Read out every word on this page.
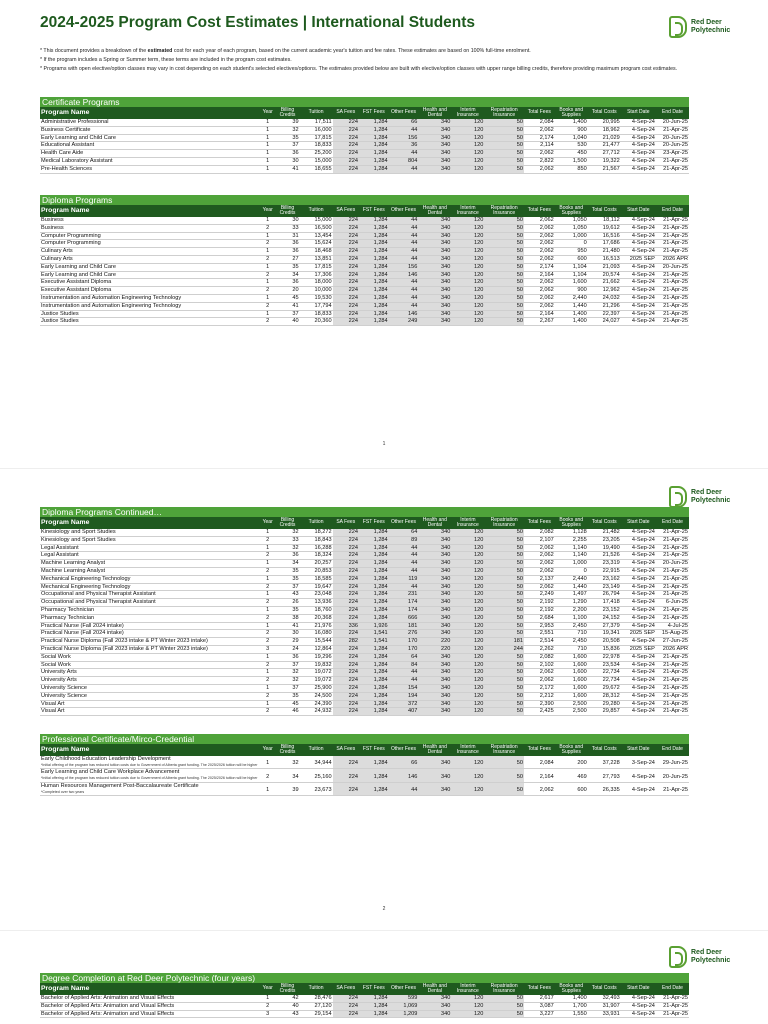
2024-2025 Program Cost Estimates | International Students	Red Deer
Polytechnic

* This document provides a breakdown of the estimated cost for each year of each program, based on the current academic year's tuition and fee rates. These estimates are based on 100% full-time enrolment.

* If the program includes a Spring or Summer term, these terms are included in the program cost estimates.

* Programs with open elective/option classes may vary in cost depending on each student's selected electives/options. The estimates provided below are built with elective/option classes with upper range billing credits, therefore providing maximum program cost estimates.

Certificate Programs
Program Name	Year	Billing Credits	Tuition	SA Fees	FST Fees	Other Fees	Health and Dental	Interim Insurance	Repatriation Insurance	Total Fees	Books and Supplies	Total Costs	Start Date	End Date
Administrative Professional	1	39	17,511	224	1,284	66	340	120	50	2,084	1,400	20,995	4-Sep-24	20-Jun-25
Business Certificate	1	32	16,000	224	1,284	44	340	120	50	2,062	900	18,962	4-Sep-24	21-Apr-25
Early Learning and Child Care	1	35	17,815	224	1,284	156	340	120	50	2,174	1,040	21,029	4-Sep-24	20-Jun-25
Educational Assistant	1	37	18,833	224	1,284	36	340	120	50	2,114	530	21,477	4-Sep-24	20-Jun-25
Health Care Aide	1	36	25,200	224	1,284	44	340	120	50	2,062	450	27,712	4-Sep-24	23-Apr-25
Medical Laboratory Assistant	1	30	15,000	224	1,284	804	340	120	50	2,822	1,500	19,322	4-Sep-24	21-Apr-25
Pre-Health Sciences	1	41	18,655	224	1,284	44	340	120	50	2,062	850	21,567	4-Sep-24	21-Apr-25
Diploma Programs
Program Name	Year	Billing Credits	Tuition	SA Fees	FST Fees	Other Fees	Health and Dental	Interim Insurance	Repatriation Insurance	Total Fees	Books and Supplies	Total Costs	Start Date	End Date
Business	1	30	15,000	224	1,284	44	340	120	50	2,062	1,050	18,112	4-Sep-24	21-Apr-25
Business	2	33	16,500	224	1,284	44	340	120	50	2,062	1,050	19,612	4-Sep-24	21-Apr-25
Computer Programming	1	31	13,454	224	1,284	44	340	120	50	2,062	1,000	16,516	4-Sep-24	21-Apr-25
Computer Programming	2	36	15,624	224	1,284	44	340	120	50	2,062	0	17,686	4-Sep-24	21-Apr-25
Culinary Arts	1	36	18,468	224	1,284	44	340	120	50	2,062	950	21,480	4-Sep-24	21-Apr-25
Culinary Arts	2	27	13,851	224	1,284	44	340	120	50	2,062	600	16,513	2025 SEP	2026 APR
Early Learning and Child Care	1	35	17,815	224	1,284	156	340	120	50	2,174	1,104	21,093	4-Sep-24	20-Jun-25
Early Learning and Child Care	2	34	17,306	224	1,284	146	340	120	50	2,164	1,104	20,574	4-Sep-24	21-Apr-25
Executive Assistant Diploma	1	36	18,000	224	1,284	44	340	120	50	2,062	1,600	21,662	4-Sep-24	21-Apr-25
Executive Assistant Diploma	2	20	10,000	224	1,284	44	340	120	50	2,062	900	12,962	4-Sep-24	21-Apr-25
Instrumentation and Automation Engineering Technology	1	45	19,530	224	1,284	44	340	120	50	2,062	2,440	24,032	4-Sep-24	21-Apr-25
Instrumentation and Automation Engineering Technology	2	41	17,794	224	1,284	44	340	120	50	2,062	1,440	21,296	4-Sep-24	21-Apr-25
Justice Studies	1	37	18,833	224	1,284	146	340	120	50	2,164	1,400	22,397	4-Sep-24	21-Apr-25
Justice Studies	2	40	20,360	224	1,284	249	340	120	50	2,267	1,400	24,027	4-Sep-24	21-Apr-25
1
Red Deer
Polytechnic
Diploma Programs Continued…
Program Name	Year	Billing Credits	Tuition	SA Fees	FST Fees	Other Fees	Health and Dental	Interim Insurance	Repatriation Insurance	Total Fees	Books and Supplies	Total Costs	Start Date	End Date
Kinesiology and Sport Studies	1	32	18,272	224	1,284	64	340	120	50	2,082	1,128	21,482	4-Sep-24	21-Apr-25
Kinesiology and Sport Studies	2	33	18,843	224	1,284	89	340	120	50	2,107	2,255	23,205	4-Sep-24	21-Apr-25
Legal Assistant	1	32	16,288	224	1,284	44	340	120	50	2,062	1,140	19,490	4-Sep-24	21-Apr-25
Legal Assistant	2	36	18,324	224	1,284	44	340	120	50	2,062	1,140	21,526	4-Sep-24	21-Apr-25
Machine Learning Analyst	1	34	20,257	224	1,284	44	340	120	50	2,062	1,000	23,319	4-Sep-24	20-Jun-25
Machine Learning Analyst	2	35	20,853	224	1,284	44	340	120	50	2,062	0	22,915	4-Sep-24	21-Apr-25
Mechanical Engineering Technology	1	35	18,585	224	1,284	119	340	120	50	2,137	2,440	23,162	4-Sep-24	21-Apr-25
Mechanical Engineering Technology	2	37	19,647	224	1,284	44	340	120	50	2,062	1,440	23,149	4-Sep-24	21-Apr-25
Occupational and Physical Therapist Assistant	1	43	23,048	224	1,284	231	340	120	50	2,249	1,497	26,794	4-Sep-24	21-Apr-25
Occupational and Physical Therapist Assistant	2	26	13,936	224	1,284	174	340	120	50	2,192	1,290	17,418	4-Sep-24	6-Jun-25
Pharmacy Technician	1	35	18,760	224	1,284	174	340	120	50	2,192	2,200	23,152	4-Sep-24	21-Apr-25
Pharmacy Technician	2	38	20,368	224	1,284	666	340	120	50	2,684	1,100	24,152	4-Sep-24	21-Apr-25
Practical Nurse (Fall 2024 intake)	1	41	21,976	336	1,926	181	340	120	50	2,953	2,450	27,379	4-Sep-24	4-Jul-25
Practical Nurse (Fall 2024 intake)	2	30	16,080	224	1,541	276	340	120	50	2,551	710	19,341	2025 SEP	15-Aug-25
Practical Nurse Diploma (Fall 2023 intake & PT Winter 2023 intake)	2	29	15,544	282	1,541	170	220	120	181	2,514	2,450	20,508	4-Sep-24	27-Jun-25
Practical Nurse Diploma (Fall 2023 intake & PT Winter 2023 intake)	3	24	12,864	224	1,284	170	220	120	244	2,262	710	15,836	2025 SEP	2026 APR
Social Work	1	36	19,296	224	1,284	64	340	120	50	2,082	1,600	22,978	4-Sep-24	21-Apr-25
Social Work	2	37	19,832	224	1,284	84	340	120	50	2,102	1,600	23,534	4-Sep-24	21-Apr-25
University Arts	1	32	19,072	224	1,284	44	340	120	50	2,062	1,600	22,734	4-Sep-24	21-Apr-25
University Arts	2	32	19,072	224	1,284	44	340	120	50	2,062	1,600	22,734	4-Sep-24	21-Apr-25
University Science	1	37	25,900	224	1,284	154	340	120	50	2,172	1,600	29,672	4-Sep-24	21-Apr-25
University Science	2	35	24,500	224	1,284	194	340	120	50	2,212	1,600	28,312	4-Sep-24	21-Apr-25
Visual Art	1	45	24,390	224	1,284	372	340	120	50	2,390	2,500	29,280	4-Sep-24	21-Apr-25
Visual Art	2	46	24,932	224	1,284	407	340	120	50	2,425	2,500	29,857	4-Sep-24	21-Apr-25
Professional Certificate/Mirco-Credential
Program Name	Year	Billing Credits	Tuition	SA Fees	FST Fees	Other Fees	Health and Dental	Interim Insurance	Repatriation Insurance	Total Fees	Books and Supplies	Total Costs	Start Date	End Date
Early Childhood Education Leadership Development
*Initial offering of the program has reduced tuition costs due to Government of Alberta grant funding. The 2025/2026 tuition will be higher	1	32	34,944	224	1,284	66	340	120	50	2,084	200	37,228	3-Sep-24	29-Jun-25
Early Learning and Child Care Workplace Advancement
*Initial offering of the program has reduced tuition costs due to Government of Alberta grant funding. The 2025/2026 tuition will be higher	2	34	25,160	224	1,284	146	340	120	50	2,164	469	27,793	4-Sep-24	20-Jun-25
Human Resources Management Post-Baccalaureate Certificate
*Completed over two years	1	39	23,673	224	1,284	44	340	120	50	2,062	600	26,335	4-Sep-24	21-Apr-25
2
Red Deer
Polytechnic
Degree Completion at Red Deer Polytechnic (four years)
Program Name	Year	Billing Credits	Tuition	SA Fees	FST Fees	Other Fees	Health and Dental	Interim Insurance	Repatriation Insurance	Total Fees	Books and Supplies	Total Costs	Start Date	End Date
Bachelor of Applied Arts: Animation and Visual Effects	1	42	28,476	224	1,284	599	340	120	50	2,617	1,400	32,493	4-Sep-24	21-Apr-25
Bachelor of Applied Arts: Animation and Visual Effects	2	40	27,120	224	1,284	1,069	340	120	50	3,087	1,700	31,907	4-Sep-24	21-Apr-25
Bachelor of Applied Arts: Animation and Visual Effects	3	43	29,154	224	1,284	1,209	340	120	50	3,227	1,550	33,931	4-Sep-24	21-Apr-25
